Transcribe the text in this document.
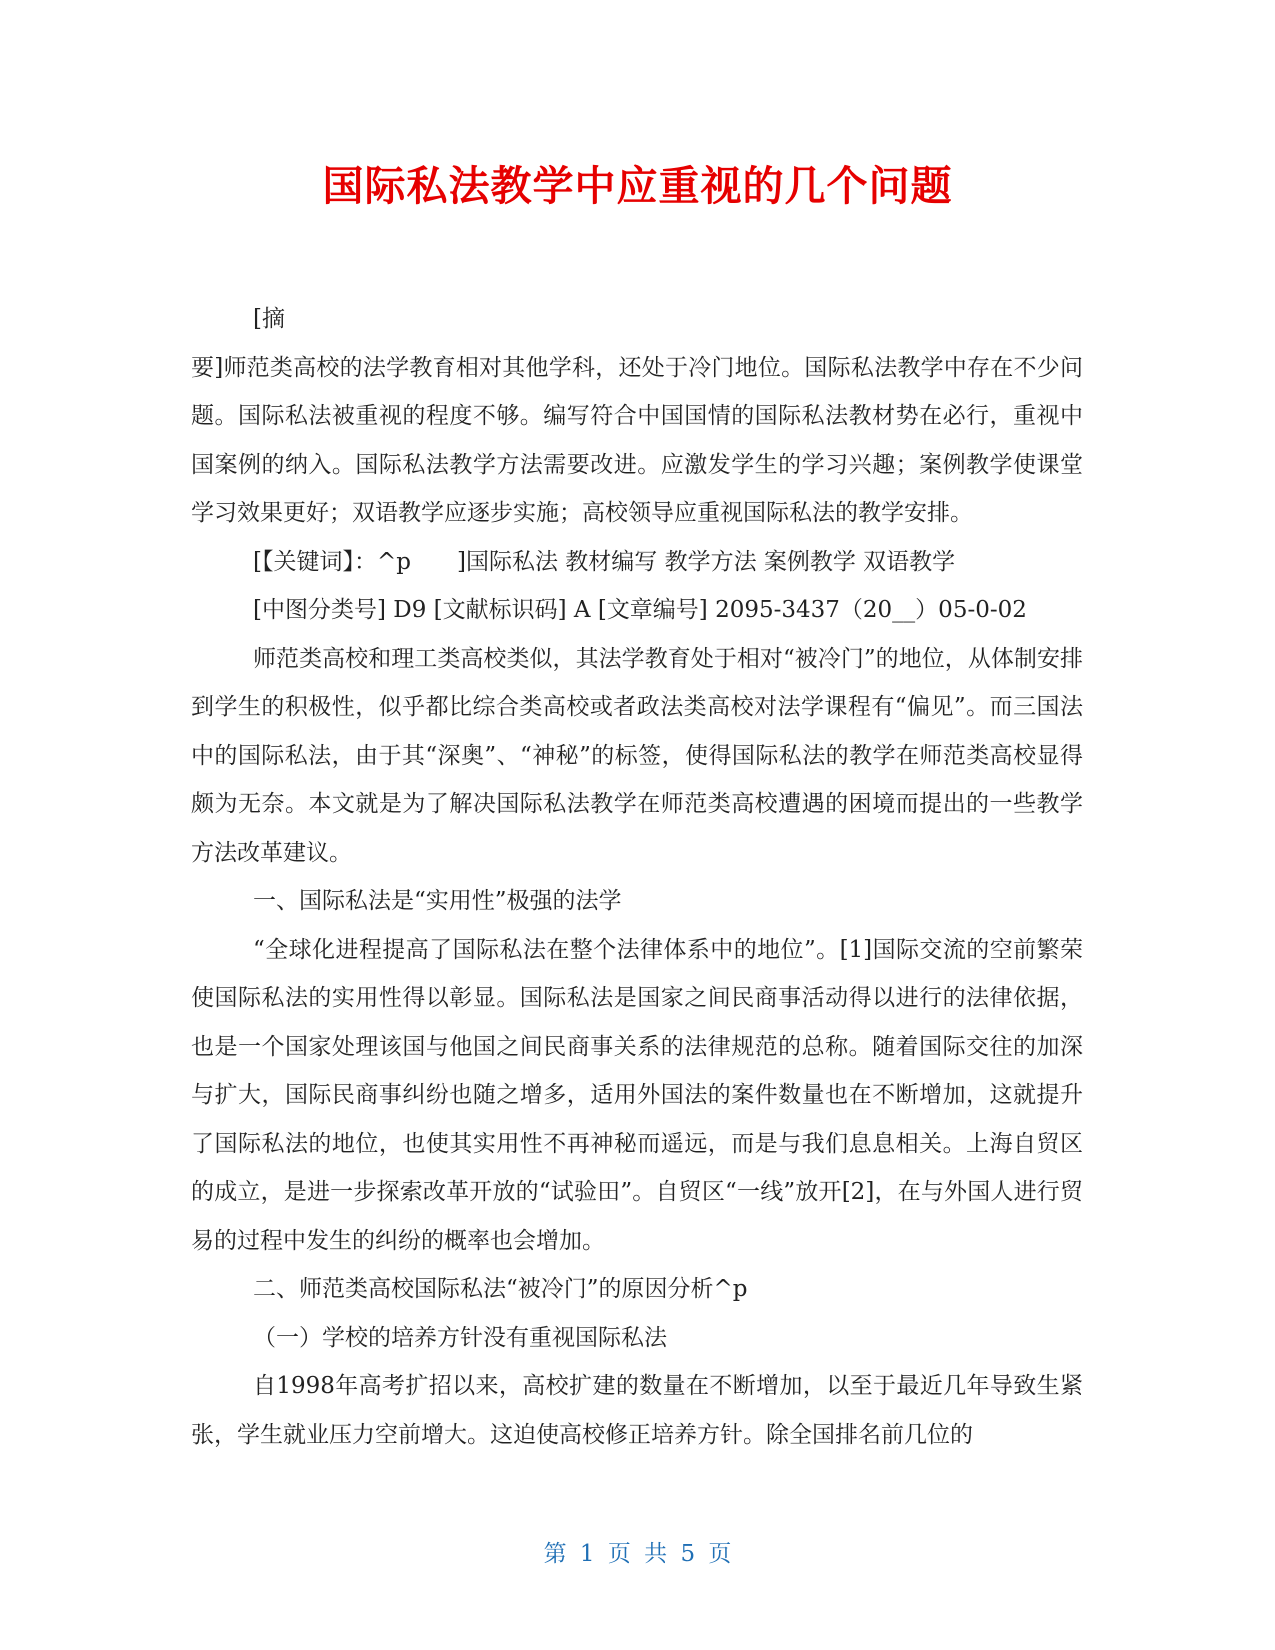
国际私法教学中应重视的几个问题

[摘

要]师范类高校的法学教育相对其他学科，还处于冷门地位。国际私法教学中存在不少问题。国际私法被重视的程度不够。编写符合中国国情的国际私法教材势在必行，重视中国案例的纳入。国际私法教学方法需要改进。应激发学生的学习兴趣；案例教学使课堂学习效果更好；双语教学应逐步实施；高校领导应重视国际私法的教学安排。

[【关键词】：^p　　]国际私法 教材编写 教学方法 案例教学 双语教学

[中图分类号] D9 [文献标识码] A [文章编号] 2095-3437（20__）05-0-02

师范类高校和理工类高校类似，其法学教育处于相对“被冷门”的地位，从体制安排到学生的积极性，似乎都比综合类高校或者政法类高校对法学课程有“偏见”。而三国法中的国际私法，由于其“深奥”、“神秘”的标签，使得国际私法的教学在师范类高校显得颇为无奈。本文就是为了解决国际私法教学在师范类高校遭遇的困境而提出的一些教学方法改革建议。

一、国际私法是“实用性”极强的法学

“全球化进程提高了国际私法在整个法律体系中的地位”。[1]国际交流的空前繁荣使国际私法的实用性得以彰显。国际私法是国家之间民商事活动得以进行的法律依据，也是一个国家处理该国与他国之间民商事关系的法律规范的总称。随着国际交往的加深与扩大，国际民商事纠纷也随之增多，适用外国法的案件数量也在不断增加，这就提升了国际私法的地位，也使其实用性不再神秘而遥远，而是与我们息息相关。上海自贸区的成立，是进一步探索改革开放的“试验田”。自贸区“一线”放开[2]，在与外国人进行贸易的过程中发生的纠纷的概率也会增加。

二、师范类高校国际私法“被冷门”的原因分析^p

（一）学校的培养方针没有重视国际私法

自1998年高考扩招以来，高校扩建的数量在不断增加，以至于最近几年导致生紧张，学生就业压力空前增大。这迫使高校修正培养方针。除全国排名前几位的

第 1 页 共 5 页
